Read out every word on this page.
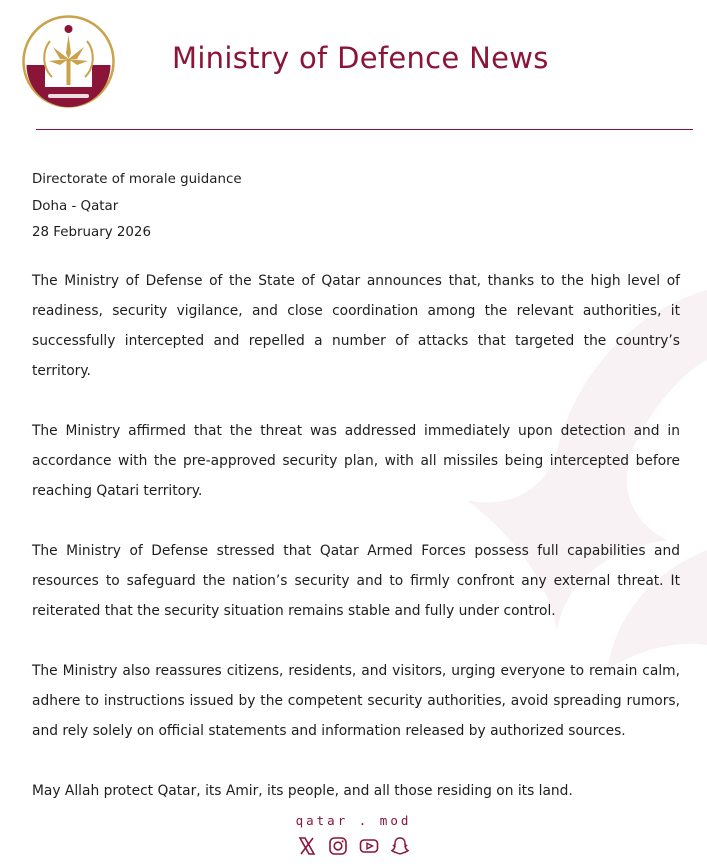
Ministry of Defence News
Directorate of morale guidance
Doha - Qatar
28 February 2026

The Ministry of Defense of the State of Qatar announces that, thanks to the high level of readiness, security vigilance, and close coordination among the relevant authorities, it successfully intercepted and repelled a number of attacks that targeted the country’s territory.

The Ministry affirmed that the threat was addressed immediately upon detection and in accordance with the pre-approved security plan, with all missiles being intercepted before reaching Qatari territory.

The Ministry of Defense stressed that Qatar Armed Forces possess full capabilities and resources to safeguard the nation’s security and to firmly confront any external threat. It reiterated that the security situation remains stable and fully under control.

The Ministry also reassures citizens, residents, and visitors, urging everyone to remain calm, adhere to instructions issued by the competent security authorities, avoid spreading rumors, and rely solely on official statements and information released by authorized sources.

May Allah protect Qatar, its Amir, its people, and all those residing on its land.

qatar . mod
